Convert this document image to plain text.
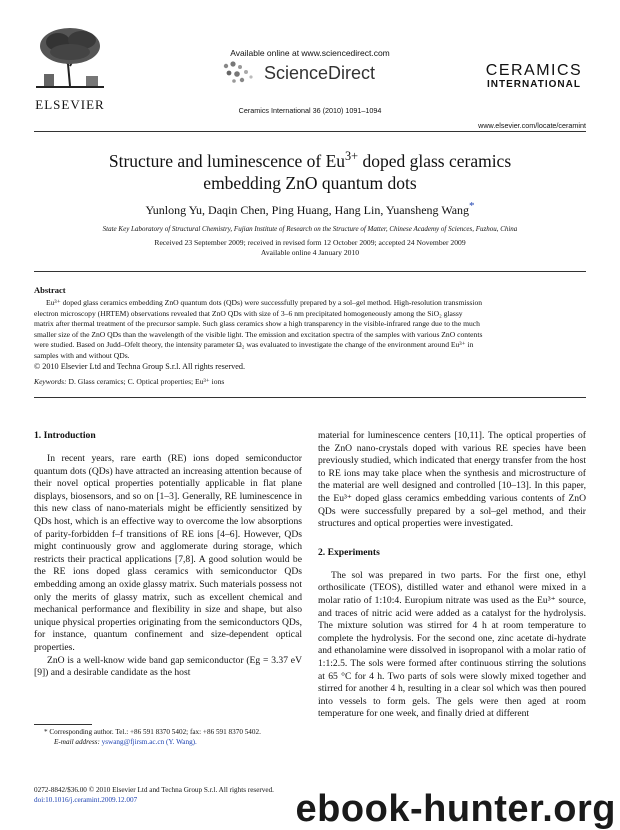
ELSEVIER
Available online at www.sciencedirect.com
ScienceDirect
Ceramics International 36 (2010) 1091–1094
CERAMICS
INTERNATIONAL
www.elsevier.com/locate/ceramint
Structure and luminescence of $Eu^{3+}$ doped glass ceramics
embedding ZnO quantum dots
Yunlong Yu, Daqin Chen, Ping Huang, Hang Lin, Yuansheng Wang*
State Key Laboratory of Structural Chemistry, Fujian Institute of Research on the Structure of Matter, Chinese Academy of Sciences, Fuzhou, China
Received 23 September 2009; received in revised form 12 October 2009; accepted 24 November 2009
Available online 4 January 2010
Abstract
Eu³⁺ doped glass ceramics embedding ZnO quantum dots (QDs) were successfully prepared by a sol–gel method. High-resolution transmission
electron microscopy (HRTEM) observations revealed that ZnO QDs with size of 3–6 nm precipitated homogeneously among the SiO₂ glassy
matrix after thermal treatment of the precursor sample. Such glass ceramics show a high transparency in the visible-infrared range due to the much
smaller size of the ZnO QDs than the wavelength of the visible light. The emission and excitation spectra of the samples with various ZnO contents
were studied. Based on Judd–Ofelt theory, the intensity parameter Ω₂ was evaluated to investigate the change of the environment around Eu³⁺ in
samples with and without QDs.
© 2010 Elsevier Ltd and Techna Group S.r.l. All rights reserved.
Keywords: D. Glass ceramics; C. Optical properties; Eu³⁺ ions
1. Introduction

In recent years, rare earth (RE) ions doped semiconductor quantum dots (QDs) have attracted an increasing attention because of their novel optical properties potentially applicable in flat plane displays, biosensors, and so on [1–3]. Generally, RE luminescence in this new class of nano-materials might be efficiently sensitized by QDs host, which is an effective way to overcome the low absorptions of parity-forbidden f–f transitions of RE ions [4–6]. However, QDs might continuously grow and agglomerate during storage, which restricts their practical applications [7,8]. A good solution would be the RE ions doped glass ceramics with semiconductor QDs embedding among an oxide glassy matrix. Such materials possess not only the merits of glassy matrix, such as excellent chemical and mechanical performance and flexibility in size and shape, but also unique physical properties originating from the semiconductors QDs, for instance, quantum confinement and size-dependent optical properties.

ZnO is a well-know wide band gap semiconductor (Eg = 3.37 eV [9]) and a desirable candidate as the host

* Corresponding author. Tel.: +86 591 8370 5402; fax: +86 591 8370 5402.
E-mail address: yswang@fjirsm.ac.cn (Y. Wang).
0272-8842/$36.00 © 2010 Elsevier Ltd and Techna Group S.r.l. All rights reserved.
doi:10.1016/j.ceramint.2009.12.007

material for luminescence centers [10,11]. The optical properties of the ZnO nano-crystals doped with various RE species have been previously studied, which indicated that energy transfer from the host to RE ions may take place when the synthesis and microstructure of the material are well designed and controlled [10–13]. In this paper, the Eu³⁺ doped glass ceramics embedding various contents of ZnO QDs were successfully prepared by a sol–gel method, and their structures and optical properties were investigated.

2. Experiments

The sol was prepared in two parts. For the first one, ethyl orthosilicate (TEOS), distilled water and ethanol were mixed in a molar ratio of 1:10:4. Europium nitrate was used as the Eu³⁺ source, and traces of nitric acid were added as a catalyst for the hydrolysis. The mixture solution was stirred for 4 h at room temperature to complete the hydrolysis. For the second one, zinc acetate di-hydrate and ethanolamine were dissolved in isopropanol with a molar ratio of 1:1:2.5. The sols were formed after continuous stirring the solutions at 65 °C for 4 h. Two parts of sols were slowly mixed together and stirred for another 4 h, resulting in a clear sol which was then poured into vessels to form gels. The gels were then aged at room temperature for one week, and finally dried at different

ebook-hunter.org
